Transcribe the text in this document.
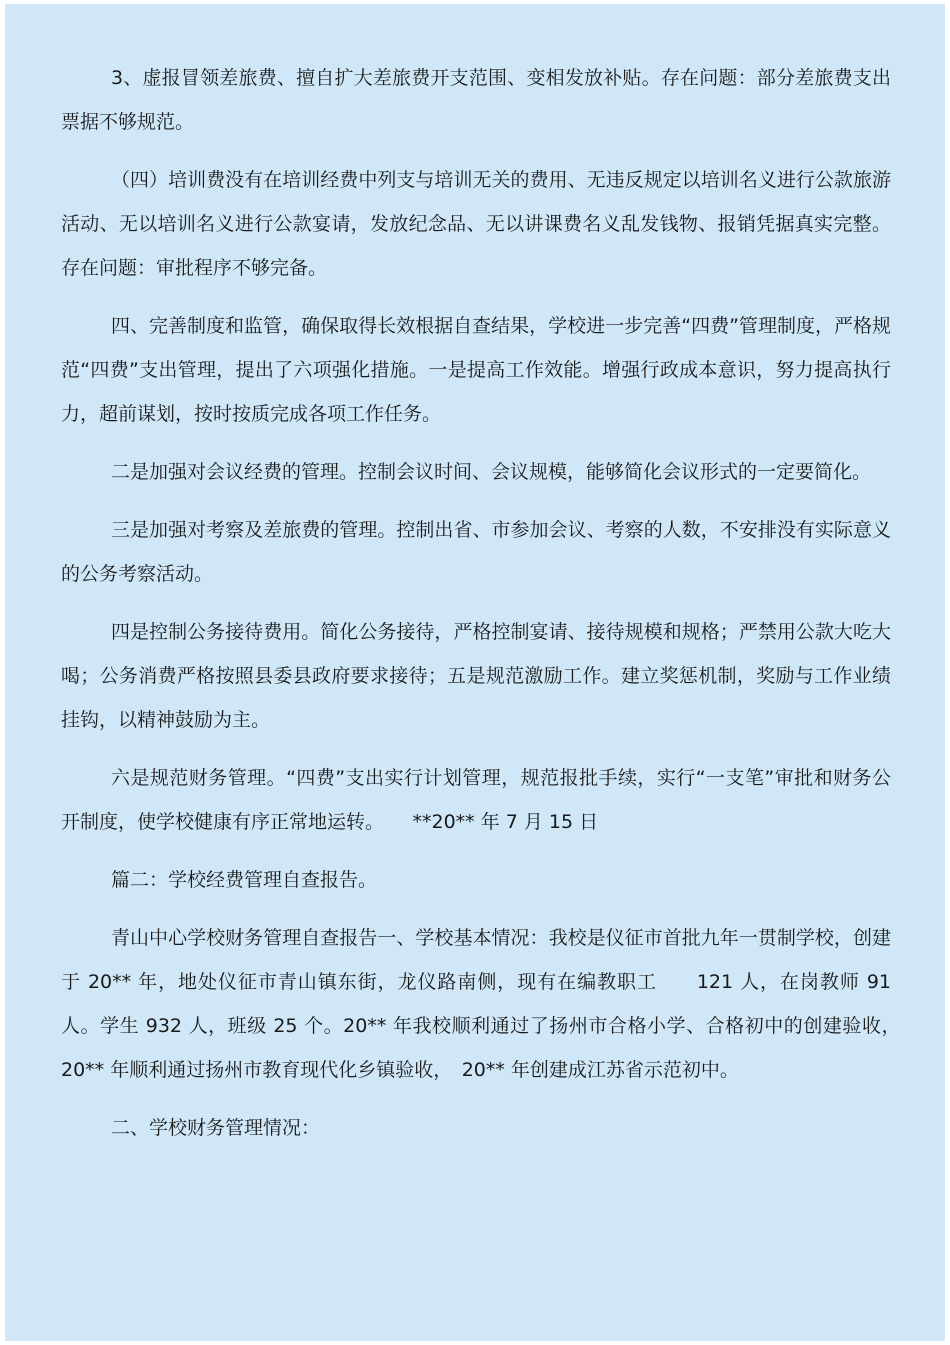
3、虚报冒领差旅费、擅自扩大差旅费开支范围、变相发放补贴。存在问题：部分差旅费支出票据不够规范。

（四）培训费没有在培训经费中列支与培训无关的费用、无违反规定以培训名义进行公款旅游活动、无以培训名义进行公款宴请，发放纪念品、无以讲课费名义乱发钱物、报销凭据真实完整。存在问题：审批程序不够完备。

四、完善制度和监管，确保取得长效根据自查结果，学校进一步完善“四费”管理制度，严格规范“四费”支出管理，提出了六项强化措施。一是提高工作效能。增强行政成本意识，努力提高执行力，超前谋划，按时按质完成各项工作任务。

二是加强对会议经费的管理。控制会议时间、会议规模，能够简化会议形式的一定要简化。

三是加强对考察及差旅费的管理。控制出省、市参加会议、考察的人数，不安排没有实际意义的公务考察活动。

四是控制公务接待费用。简化公务接待，严格控制宴请、接待规模和规格；严禁用公款大吃大喝；公务消费严格按照县委县政府要求接待；五是规范激励工作。建立奖惩机制，奖励与工作业绩挂钩，以精神鼓励为主。

六是规范财务管理。“四费”支出实行计划管理，规范报批手续，实行“一支笔”审批和财务公开制度，使学校健康有序正常地运转。　　**20** 年 7 月 15 日

篇二：学校经费管理自查报告。

青山中心学校财务管理自查报告一、学校基本情况：我校是仪征市首批九年一贯制学校，创建于 20** 年，地处仪征市青山镇东街，龙仪路南侧，现有在编教职工　　121 人，在岗教师 91 人。学生 932 人，班级 25 个。20** 年我校顺利通过了扬州市合格小学、合格初中的创建验收，　20** 年顺利通过扬州市教育现代化乡镇验收，　20** 年创建成江苏省示范初中。

二、学校财务管理情况：
